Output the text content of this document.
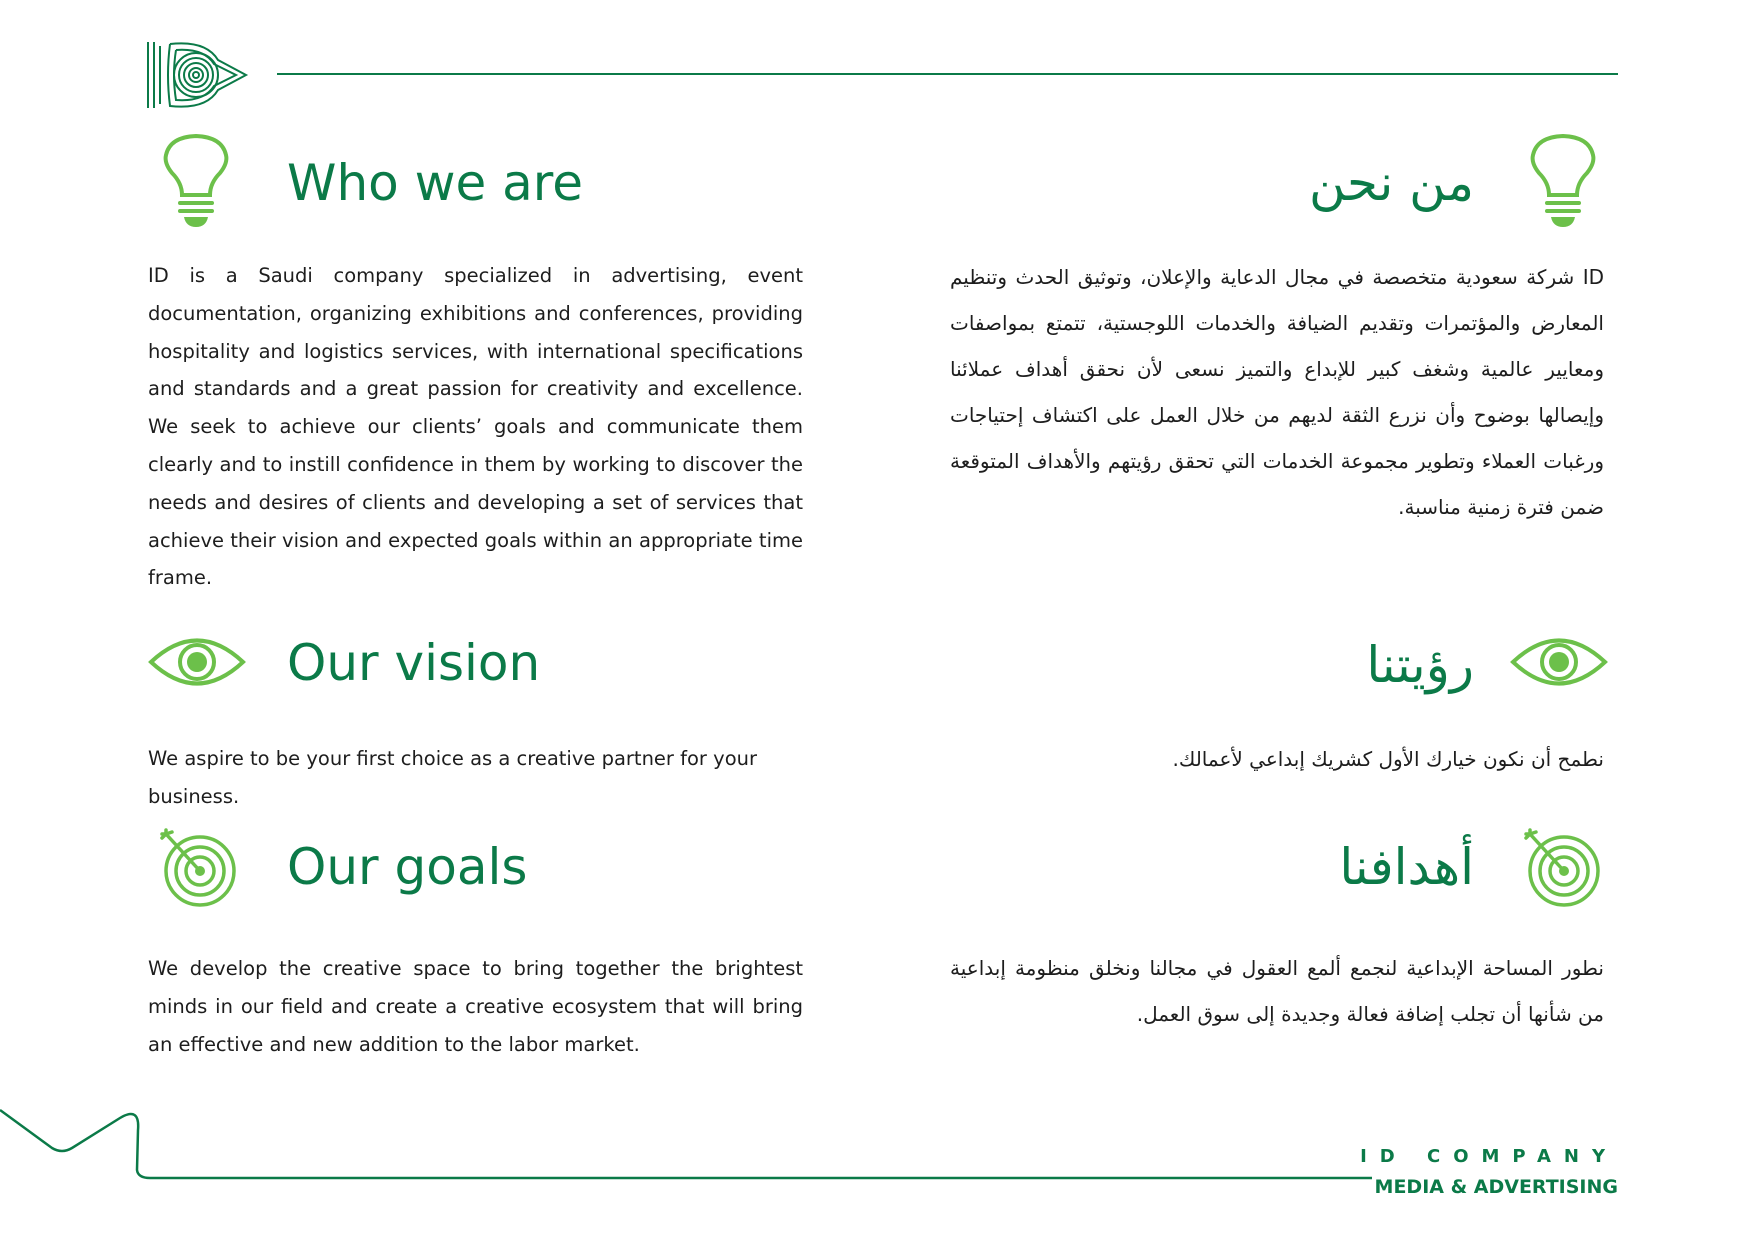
Who we are	من نحن
ID is a Saudi company specialized in advertising, event documentation, organizing exhibitions and conferences, providing hospitality and logistics services, with international specifications and standards and a great passion for creativity and excellence. We seek to achieve our clients’ goals and communicate them clearly and to instill confidence in them by working to discover the needs and desires of clients and developing a set of services that achieve their vision and expected goals within an appropriate time frame.
ID شركة سعودية متخصصة في مجال الدعاية والإعلان، وتوثيق الحدث وتنظيم المعارض والمؤتمرات وتقديم الضيافة والخدمات اللوجستية، تتمتع بمواصفات ومعايير عالمية وشغف كبير للإبداع والتميز نسعى لأن نحقق أهداف عملائنا وإيصالها بوضوح وأن نزرع الثقة لديهم من خلال العمل على اكتشاف إحتياجات ورغبات العملاء وتطوير مجموعة الخدمات التي تحقق رؤيتهم والأهداف المتوقعة ضمن فترة زمنية مناسبة.
Our vision	رؤيتنا
We aspire to be your first choice as a creative partner for your business.
نطمح أن نكون خيارك الأول كشريك إبداعي لأعمالك.
Our goals	أهدافنا
We develop the creative space to bring together the brightest minds in our field and create a creative ecosystem that will bring an effective and new addition to the labor market.
نطور المساحة الإبداعية لنجمع ألمع العقول في مجالنا ونخلق منظومة إبداعية من شأنها أن تجلب إضافة فعالة وجديدة إلى سوق العمل.
ID COMPANY
MEDIA & ADVERTISING
